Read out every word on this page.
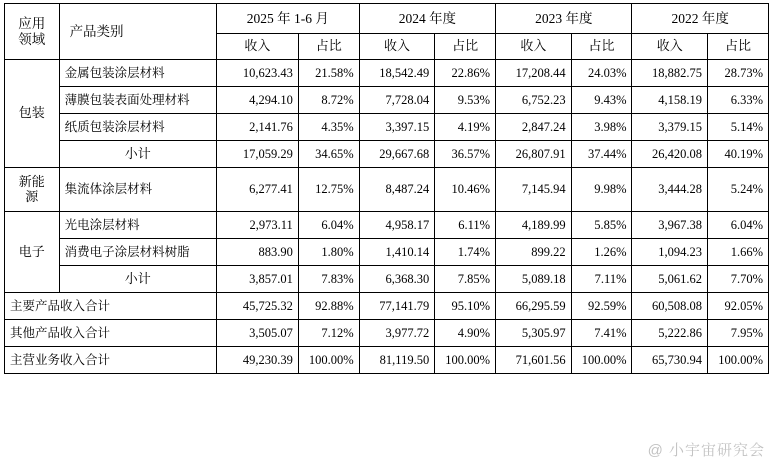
应用
领域	产品类别	2025 年 1-6 月		2024 年度		2023 年度		2022 年度	
		收入	占比	收入	占比	收入	占比	收入	占比
包装	金属包装涂层材料	10,623.43	21.58%	18,542.49	22.86%	17,208.44	24.03%	18,882.75	28.73%
	薄膜包装表面处理材料	4,294.10	8.72%	7,728.04	9.53%	6,752.23	9.43%	4,158.19	6.33%
	纸质包装涂层材料	2,141.76	4.35%	3,397.15	4.19%	2,847.24	3.98%	3,379.15	5.14%
	小计	17,059.29	34.65%	29,667.68	36.57%	26,807.91	37.44%	26,420.08	40.19%

新能
源	集流体涂层材料	6,277.41	12.75%	8,487.24	10.46%	7,145.94	9.98%	3,444.28	5.24%
电子	光电涂层材料	2,973.11	6.04%	4,958.17	6.11%	4,189.99	5.85%	3,967.38	6.04%
	消费电子涂层材料树脂	883.90	1.80%	1,410.14	1.74%	899.22	1.26%	1,094.23	1.66%
	小计	3,857.01	7.83%	6,368.30	7.85%	5,089.18	7.11%	5,061.62	7.70%
主要产品收入合计		45,725.32	92.88%	77,141.79	95.10%	66,295.59	92.59%	60,508.08	92.05%
其他产品收入合计		3,505.07	7.12%	3,977.72	4.90%	5,305.97	7.41%	5,222.86	7.95%
主营业务收入合计		49,230.39	100.00%	81,119.50	100.00%	71,601.56	100.00%	65,730.94	100.00%
@ 小宇宙研究会
